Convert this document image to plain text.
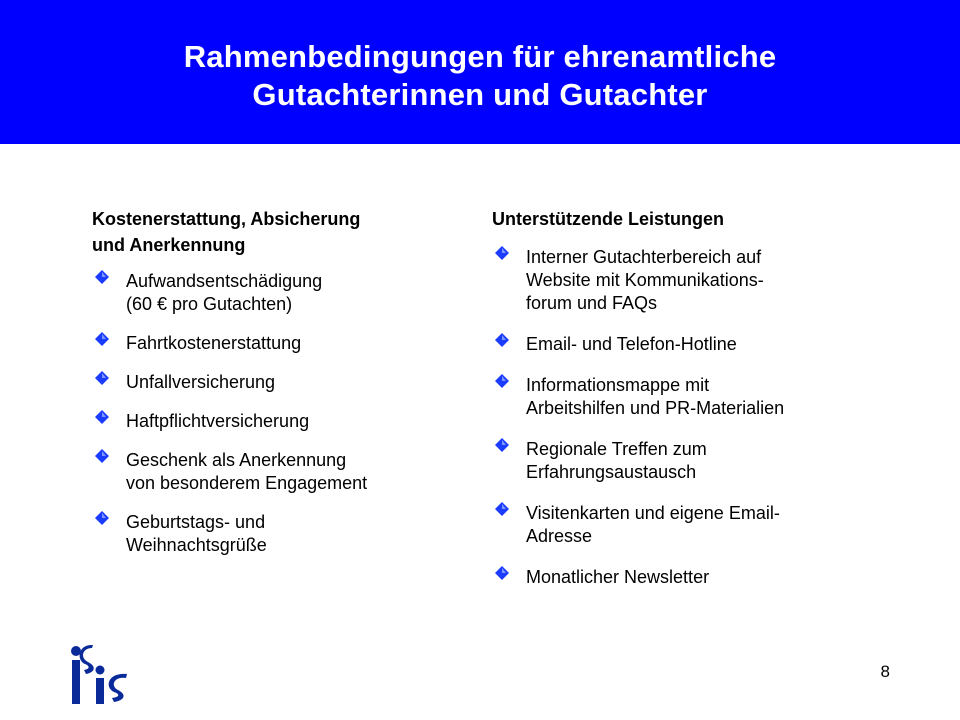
Rahmenbedingungen für ehrenamtliche
Gutachterinnen und Gutachter
Kostenerstattung, Absicherung
und Anerkennung
Aufwandsentschädigung
(60 € pro Gutachten)
Fahrtkostenerstattung
Unfallversicherung
Haftpflichtversicherung
Geschenk als Anerkennung
von besonderem Engagement
Geburtstags- und
Weihnachtsgrüße
Unterstützende Leistungen
Interner Gutachterbereich auf
Website mit Kommunikations-
forum und FAQs
Email- und Telefon-Hotline
Informationsmappe mit
Arbeitshilfen und PR-Materialien
Regionale Treffen zum
Erfahrungsaustausch
Visitenkarten und eigene Email-
Adresse
Monatlicher Newsletter
8
